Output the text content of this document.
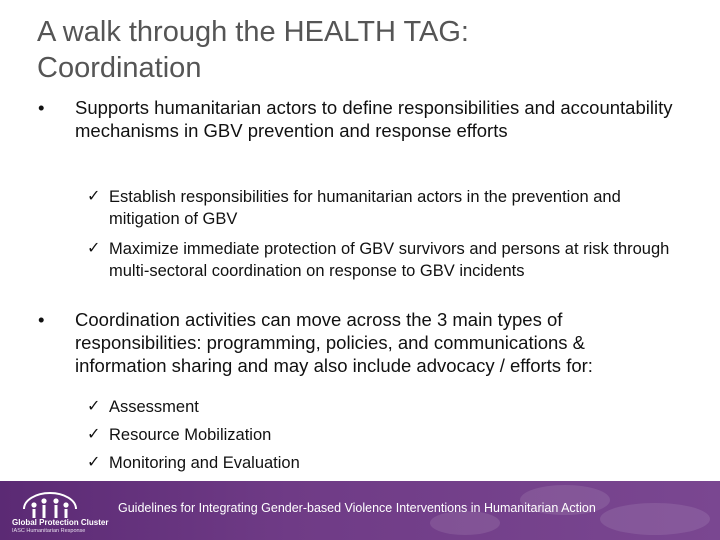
A walk through the HEALTH TAG:
Coordination
• Supports humanitarian actors to define responsibilities and accountability mechanisms in GBV prevention and response efforts
✓ Establish responsibilities for humanitarian actors in the prevention and mitigation of GBV
✓ Maximize immediate protection of GBV survivors and persons at risk through multi-sectoral coordination on response to GBV incidents
• Coordination activities can move across the 3 main types of responsibilities: programming, policies, and communications & information sharing and may also include advocacy / efforts for:
✓ Assessment
✓ Resource Mobilization
✓ Monitoring and Evaluation
Global Protection Cluster
IASC Humanitarian Response
Guidelines for Integrating Gender-based Violence Interventions in Humanitarian Action
